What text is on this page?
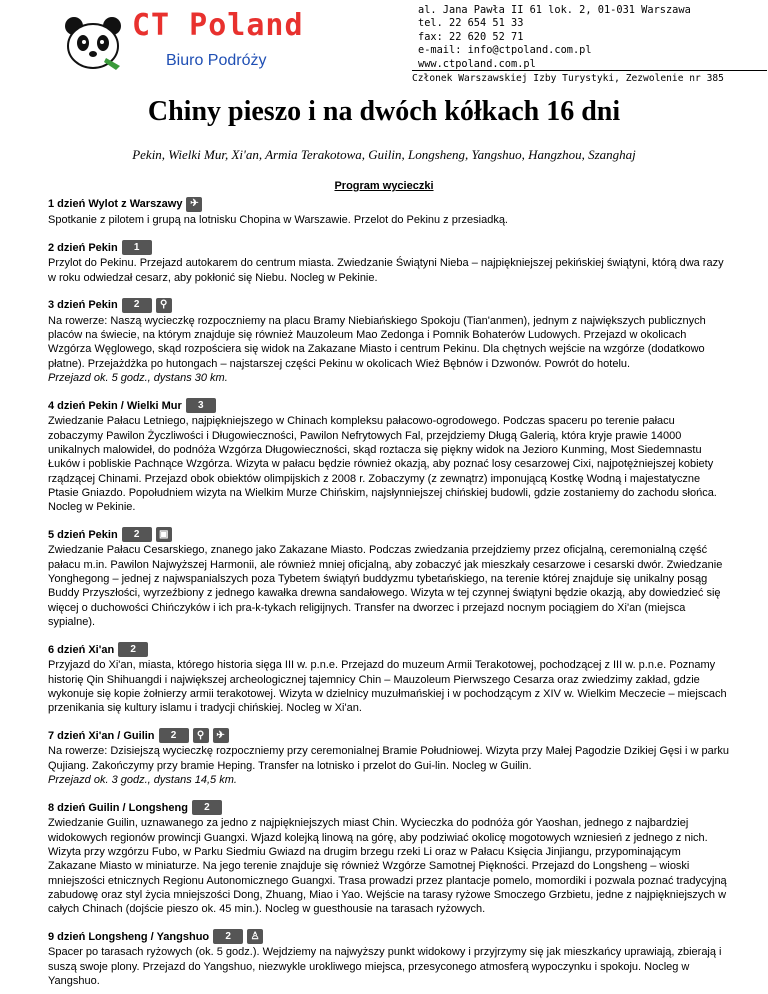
CT Poland
Biuro Podróży
al. Jana Pawła II 61 lok. 2, 01-031 Warszawa
tel. 22 654 51 33
fax: 22 620 52 71
e-mail: info@ctpoland.com.pl
www.ctpoland.com.pl
Członek Warszawskiej Izby Turystyki, Zezwolenie nr 385
Chiny pieszo i na dwóch kółkach 16 dni
Pekin, Wielki Mur, Xi'an, Armia Terakotowa, Guilin, Longsheng, Yangshuo, Hangzhou, Szanghaj
Program wycieczki
1 dzień Wylot z Warszawy ✈

Spotkanie z pilotem i grupą na lotnisku Chopina w Warszawie. Przelot do Pekinu z przesiadką.

2 dzień Pekin	1

Przylot do Pekinu. Przejazd autokarem do centrum miasta. Zwiedzanie Świątyni Nieba – najpiękniejszej pekińskiej świątyni, którą dwa razy w roku odwiedzał cesarz, aby pokłonić się Niebu. Nocleg w Pekinie.

3 dzień Pekin	2	⚲

Na rowerze: Naszą wycieczkę rozpoczniemy na placu Bramy Niebiańskiego Spokoju (Tian'anmen), jednym z największych publicznych placów na świecie, na którym znajduje się również Mauzoleum Mao Zedonga i Pomnik Bohaterów Ludowych. Przejazd w okolicach Wzgórza Węglowego, skąd rozpościera się widok na Zakazane Miasto i centrum Pekinu. Dla chętnych wejście na wzgórze (dodatkowo płatne). Przejażdżka po hutongach – najstarszej części Pekinu w okolicach Wież Bębnów i Dzwonów. Powrót do hotelu.

Przejazd ok. 5 godz., dystans 30 km.

4 dzień Pekin / Wielki Mur	3

Zwiedzanie Pałacu Letniego, najpiękniejszego w Chinach kompleksu pałacowo-ogrodowego. Podczas spaceru po terenie pałacu zobaczymy Pawilon Życzliwości i Długowieczności, Pawilon Nefrytowych Fal, przejdziemy Długą Galerią, która kryje prawie 14000 unikalnych malowideł, do podnóża Wzgórza Długowieczności, skąd roztacza się piękny widok na Jezioro Kunming, Most Siedemnastu Łuków i pobliskie Pachnące Wzgórza. Wizyta w pałacu będzie również okazją, aby poznać losy cesarzowej Cixi, najpotężniejszej kobiety rządzącej Chinami. Przejazd obok obiektów olimpijskich z 2008 r. Zobaczymy (z zewnątrz) imponującą Kostkę Wodną i majestatyczne Ptasie Gniazdo. Popołudniem wizyta na Wielkim Murze Chińskim, najsłynniejszej chińskiej budowli, gdzie zostaniemy do zachodu słońca. Nocleg w Pekinie.

5 dzień Pekin	2	▣

Zwiedzanie Pałacu Cesarskiego, znanego jako Zakazane Miasto. Podczas zwiedzania przejdziemy przez oficjalną, ceremonialną część pałacu m.in. Pawilon Najwyższej Harmonii, ale również mniej oficjalną, aby zobaczyć jak mieszkały cesarzowe i cesarski dwór. Zwiedzanie Yonghegong – jednej z najwspanialszych poza Tybetem świątyń buddyzmu tybetańskiego, na terenie której znajduje się unikalny posąg Buddy Przyszłości, wyrzeźbiony z jednego kawałka drewna sandałowego. Wizyta w tej czynnej świątyni będzie okazją, aby dowiedzieć się więcej o duchowości Chińczyków i ich pra-k-tykach religijnych. Transfer na dworzec i przejazd nocnym pociągiem do Xi'an (miejsca sypialne).

6 dzień Xi'an	2

Przyjazd do Xi'an, miasta, którego historia sięga III w. p.n.e. Przejazd do muzeum Armii Terakotowej, pochodzącej z III w. p.n.e. Poznamy historię Qin Shihuangdi i największej archeologicznej tajemnicy Chin – Mauzoleum Pierwszego Cesarza oraz zwiedzimy zakład, gdzie wykonuje się kopie żołnierzy armii terakotowej. Wizyta w dzielnicy muzułmańskiej i w pochodzącym z XIV w. Wielkim Meczecie – miejscach przenikania się kultury islamu i tradycji chińskiej. Nocleg w Xi'an.

7 dzień Xi'an / Guilin	2	⚲	✈

Na rowerze: Dzisiejszą wycieczkę rozpoczniemy przy ceremonialnej Bramie Południowej. Wizyta przy Małej Pagodzie Dzikiej Gęsi i w parku Qujiang. Zakończymy przy bramie Heping. Transfer na lotnisko i przelot do Gui-lin. Nocleg w Guilin.

Przejazd ok. 3 godz., dystans 14,5 km.

8 dzień Guilin / Longsheng	2

Zwiedzanie Guilin, uznawanego za jedno z najpiękniejszych miast Chin. Wycieczka do podnóża gór Yaoshan, jednego z najbardziej widokowych regionów prowincji Guangxi. Wjazd kolejką linową na górę, aby podziwiać okolicę mogotowych wzniesień z jednego z nich. Wizyta przy wzgórzu Fubo, w Parku Siedmiu Gwiazd na drugim brzegu rzeki Li oraz w Pałacu Księcia Jinjiangu, przypominającym Zakazane Miasto w miniaturze. Na jego terenie znajduje się również Wzgórze Samotnej Piękności. Przejazd do Longsheng – wioski mniejszości etnicznych Regionu Autonomicznego Guangxi. Trasa prowadzi przez plantacje pomelo, momordiki i pozwala poznać tradycyjną zabudowę oraz styl życia mniejszości Dong, Zhuang, Miao i Yao. Wejście na tarasy ryżowe Smoczego Grzbietu, jedne z najpiękniejszych w całych Chinach (dojście pieszo ok. 45 min.). Nocleg w guesthousie na tarasach ryżowych.

9 dzień Longsheng / Yangshuo	2	♙

Spacer po tarasach ryżowych (ok. 5 godz.). Wejdziemy na najwyższy punkt widokowy i przyjrzymy się jak mieszkańcy uprawiają, zbierają i suszą swoje plony. Przejazd do Yangshuo, niezwykle urokliwego miejsca, przesyconego atmosferą wypoczynku i spokoju. Nocleg w Yangshuo.
